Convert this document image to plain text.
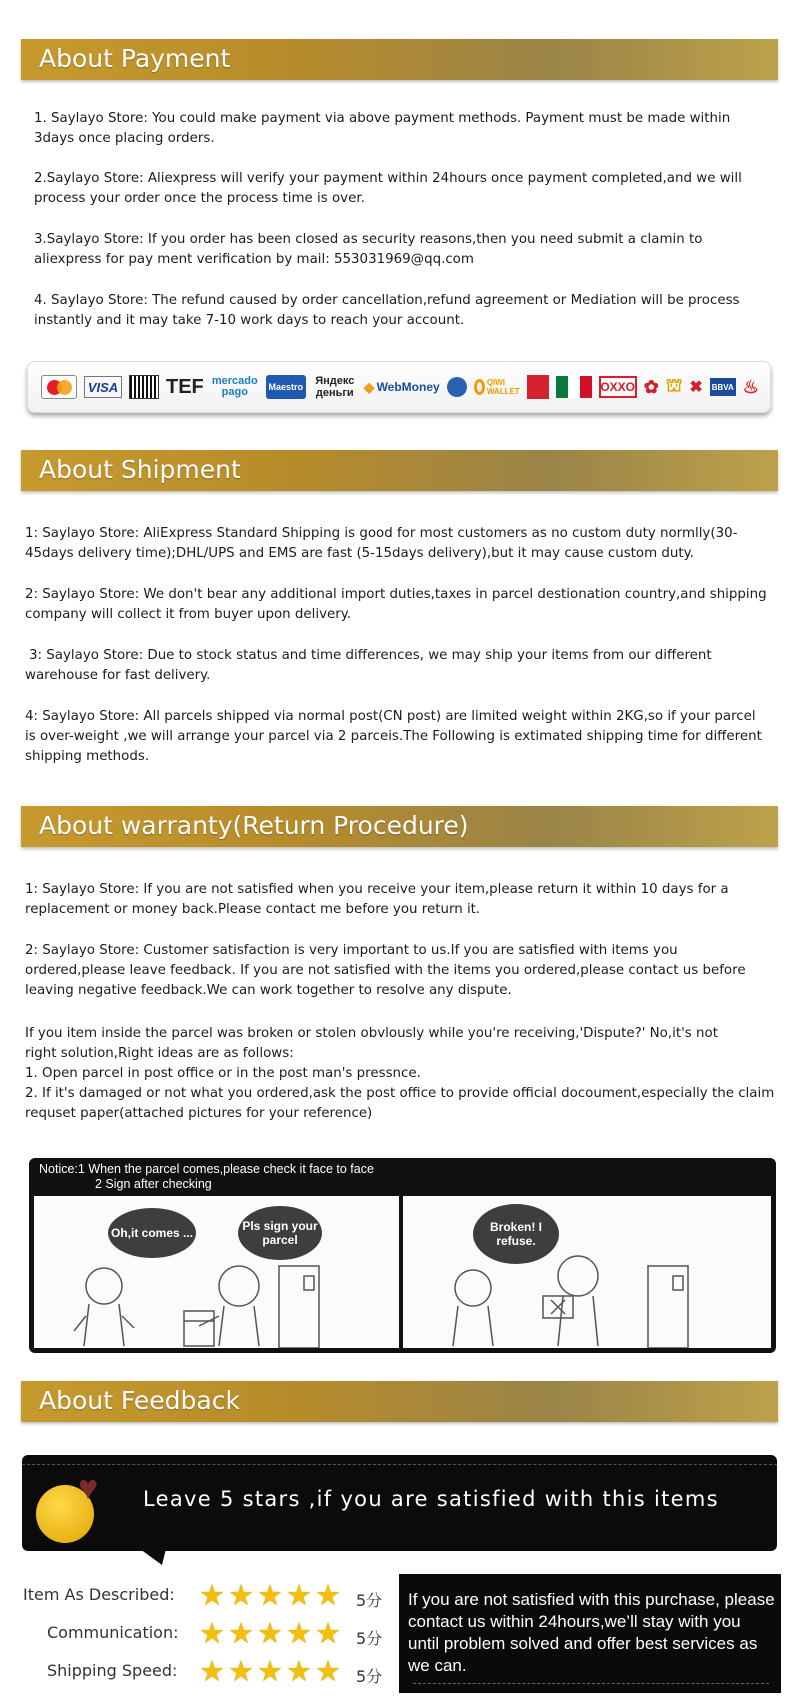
About Payment
1. Saylayo Store: You could make payment via above payment methods. Payment must be made within 3days once placing orders.
2.Saylayo Store: Aliexpress will verify your payment within 24hours once payment completed,and we will process your order once the process time is over.
3.Saylayo Store: If you order has been closed as security reasons,then you need submit a clamin to aliexpress for pay ment verification by mail: 553031969@qq.com
4. Saylayo Store: The refund caused by order cancellation,refund agreement or Mediation will be process instantly and it may take 7-10 work days to reach your account.
VISA TEF mercado pago	Maestro Яндекс деньги ◆ WebMoney	QIWI WALLET	OXXO ✿ ⛫ ✖ BBVA ♨
About Shipment
1: Saylayo Store: AliExpress Standard Shipping is good for most customers as no custom duty normlly(30-45days delivery time);DHL/UPS and EMS are fast (5-15days delivery),but it may cause custom duty.
2: Saylayo Store: We don't bear any additional import duties,taxes in parcel destionation country,and shipping company will collect it from buyer upon delivery.
3: Saylayo Store: Due to stock status and time differences, we may ship your items from our different warehouse for fast delivery.
4: Saylayo Store: All parcels shipped via normal post(CN post) are limited weight within 2KG,so if your parcel is over-weight ,we will arrange your parcel via 2 parceis.The Following is extimated shipping time for different shipping methods.
About warranty(Return Procedure)
1: Saylayo Store: If you are not satisfied when you receive your item,please return it within 10 days for a replacement or money back.Please contact me before you return it.
2: Saylayo Store: Customer satisfaction is very important to us.If you are satisfied with items you ordered,please leave feedback. If you are not satisfied with the items you ordered,please contact us before leaving negative feedback.We can work together to resolve any dispute.
If you item inside the parcel was broken or stolen obvlously while you're receiving,'Dispute?' No,it's not right solution,Right ideas are as follows:
1. Open parcel in post office or in the post man's pressnce.
2. If it's damaged or not what you ordered,ask the post office to provide official docoument,especially the claim requset paper(attached pictures for your reference)
Notice:1 When the parcel comes,please check it face to face
2 Sign after checking
Oh,it comes ...	Pls sign your parcel
Broken! I refuse.
About Feedback
♥	Leave 5 stars ,if you are satisfied with this items
Item As Described: ★ ★ ★ ★ ★ 5分
Communication: ★ ★ ★ ★ ★ 5分
Shipping Speed: ★ ★ ★ ★ ★ 5分

If you are not satisfied with this purchase, please contact us within 24hours,we’ll stay with you until problem solved and offer best services as we can.
